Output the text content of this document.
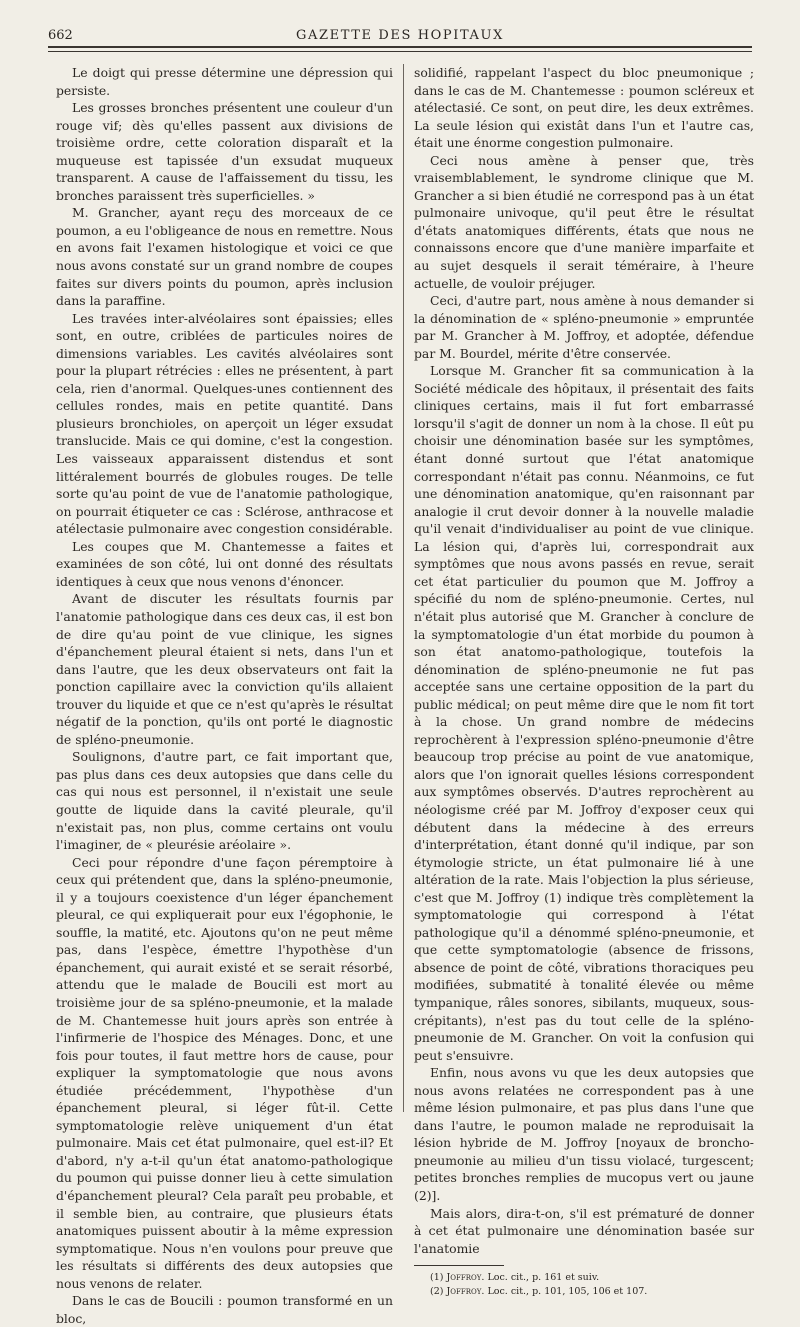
662	GAZETTE DES HOPITAUX

Le doigt qui presse détermine une dépression qui persiste.

Les grosses bronches présentent une couleur d'un rouge vif; dès qu'elles passent aux divisions de troisième ordre, cette coloration disparaît et la muqueuse est tapissée d'un exsudat muqueux transparent. A cause de l'affaissement du tissu, les bronches paraissent très superficielles. »

M. Grancher, ayant reçu des morceaux de ce poumon, a eu l'obligeance de nous en remettre. Nous en avons fait l'examen histologique et voici ce que nous avons constaté sur un grand nombre de coupes faites sur divers points du poumon, après inclusion dans la paraffine.

Les travées inter-alvéolaires sont épaissies; elles sont, en outre, criblées de particules noires de dimensions variables. Les cavités alvéolaires sont pour la plupart rétrécies : elles ne présentent, à part cela, rien d'anormal. Quelques-unes contiennent des cellules rondes, mais en petite quantité. Dans plusieurs bronchioles, on aperçoit un léger exsudat translucide. Mais ce qui domine, c'est la congestion. Les vaisseaux apparaissent distendus et sont littéralement bourrés de globules rouges. De telle sorte qu'au point de vue de l'anatomie pathologique, on pourrait étiqueter ce cas : Sclérose, anthracose et atélectasie pulmonaire avec congestion considérable.

Les coupes que M. Chantemesse a faites et examinées de son côté, lui ont donné des résultats identiques à ceux que nous venons d'énoncer.

Avant de discuter les résultats fournis par l'anatomie pathologique dans ces deux cas, il est bon de dire qu'au point de vue clinique, les signes d'épanchement pleural étaient si nets, dans l'un et dans l'autre, que les deux observateurs ont fait la ponction capillaire avec la conviction qu'ils allaient trouver du liquide et que ce n'est qu'après le résultat négatif de la ponction, qu'ils ont porté le diagnostic de spléno-pneumonie.

Soulignons, d'autre part, ce fait important que, pas plus dans ces deux autopsies que dans celle du cas qui nous est personnel, il n'existait une seule goutte de liquide dans la cavité pleurale, qu'il n'existait pas, non plus, comme certains ont voulu l'imaginer, de « pleurésie aréolaire ».

Ceci pour répondre d'une façon péremptoire à ceux qui prétendent que, dans la spléno-pneumonie, il y a toujours coexistence d'un léger épanchement pleural, ce qui expliquerait pour eux l'égophonie, le souffle, la matité, etc. Ajoutons qu'on ne peut même pas, dans l'espèce, émettre l'hypothèse d'un épanchement, qui aurait existé et se serait résorbé, attendu que le malade de Boucili est mort au troisième jour de sa spléno-pneumonie, et la malade de M. Chantemesse huit jours après son entrée à l'infirmerie de l'hospice des Ménages. Donc, et une fois pour toutes, il faut mettre hors de cause, pour expliquer la symptomatologie que nous avons étudiée précédemment, l'hypothèse d'un épanchement pleural, si léger fût-il. Cette symptomatologie relève uniquement d'un état pulmonaire. Mais cet état pulmonaire, quel est-il? Et d'abord, n'y a-t-il qu'un état anatomo-pathologique du poumon qui puisse donner lieu à cette simulation d'épanchement pleural? Cela paraît peu probable, et il semble bien, au contraire, que plusieurs états anatomiques puissent aboutir à la même expression symptomatique. Nous n'en voulons pour preuve que les résultats si différents des deux autopsies que nous venons de relater.

Dans le cas de Boucili : poumon transformé en un bloc,

solidifié, rappelant l'aspect du bloc pneumonique ; dans le cas de M. Chantemesse : poumon scléreux et atélectasié. Ce sont, on peut dire, les deux extrêmes. La seule lésion qui existât dans l'un et l'autre cas, était une énorme congestion pulmonaire.

Ceci nous amène à penser que, très vraisemblablement, le syndrome clinique que M. Grancher a si bien étudié ne correspond pas à un état pulmonaire univoque, qu'il peut être le résultat d'états anatomiques différents, états que nous ne connaissons encore que d'une manière imparfaite et au sujet desquels il serait téméraire, à l'heure actuelle, de vouloir préjuger.

Ceci, d'autre part, nous amène à nous demander si la dénomination de « spléno-pneumonie » empruntée par M. Grancher à M. Joffroy, et adoptée, défendue par M. Bourdel, mérite d'être conservée.

Lorsque M. Grancher fit sa communication à la Société médicale des hôpitaux, il présentait des faits cliniques certains, mais il fut fort embarrassé lorsqu'il s'agit de donner un nom à la chose. Il eût pu choisir une dénomination basée sur les symptômes, étant donné surtout que l'état anatomique correspondant n'était pas connu. Néanmoins, ce fut une dénomination anatomique, qu'en raisonnant par analogie il crut devoir donner à la nouvelle maladie qu'il venait d'individualiser au point de vue clinique. La lésion qui, d'après lui, correspondrait aux symptômes que nous avons passés en revue, serait cet état particulier du poumon que M. Joffroy a spécifié du nom de spléno-pneumonie. Certes, nul n'était plus autorisé que M. Grancher à conclure de la symptomatologie d'un état morbide du poumon à son état anatomo-pathologique, toutefois la dénomination de spléno-pneumonie ne fut pas acceptée sans une certaine opposition de la part du public médical; on peut même dire que le nom fit tort à la chose. Un grand nombre de médecins reprochèrent à l'expression spléno-pneumonie d'être beaucoup trop précise au point de vue anatomique, alors que l'on ignorait quelles lésions correspondent aux symptômes observés. D'autres reprochèrent au néologisme créé par M. Joffroy d'exposer ceux qui débutent dans la médecine à des erreurs d'interprétation, étant donné qu'il indique, par son étymologie stricte, un état pulmonaire lié à une altération de la rate. Mais l'objection la plus sérieuse, c'est que M. Joffroy (1) indique très complètement la symptomatologie qui correspond à l'état pathologique qu'il a dénommé spléno-pneumonie, et que cette symptomatologie (absence de frissons, absence de point de côté, vibrations thoraciques peu modifiées, submatité à tonalité élevée ou même tympanique, râles sonores, sibilants, muqueux, sous-crépitants), n'est pas du tout celle de la spléno-pneumonie de M. Grancher. On voit la confusion qui peut s'ensuivre.

Enfin, nous avons vu que les deux autopsies que nous avons relatées ne correspondent pas à une même lésion pulmonaire, et pas plus dans l'une que dans l'autre, le poumon malade ne reproduisait la lésion hybride de M. Joffroy [noyaux de broncho-pneumonie au milieu d'un tissu violacé, turgescent; petites bronches remplies de mucopus vert ou jaune (2)].

Mais alors, dira-t-on, s'il est prématuré de donner à cet état pulmonaire une dénomination basée sur l'anatomie

(1) Joffroy. Loc. cit., p. 161 et suiv.

(2) Joffroy. Loc. cit., p. 101, 105, 106 et 107.
